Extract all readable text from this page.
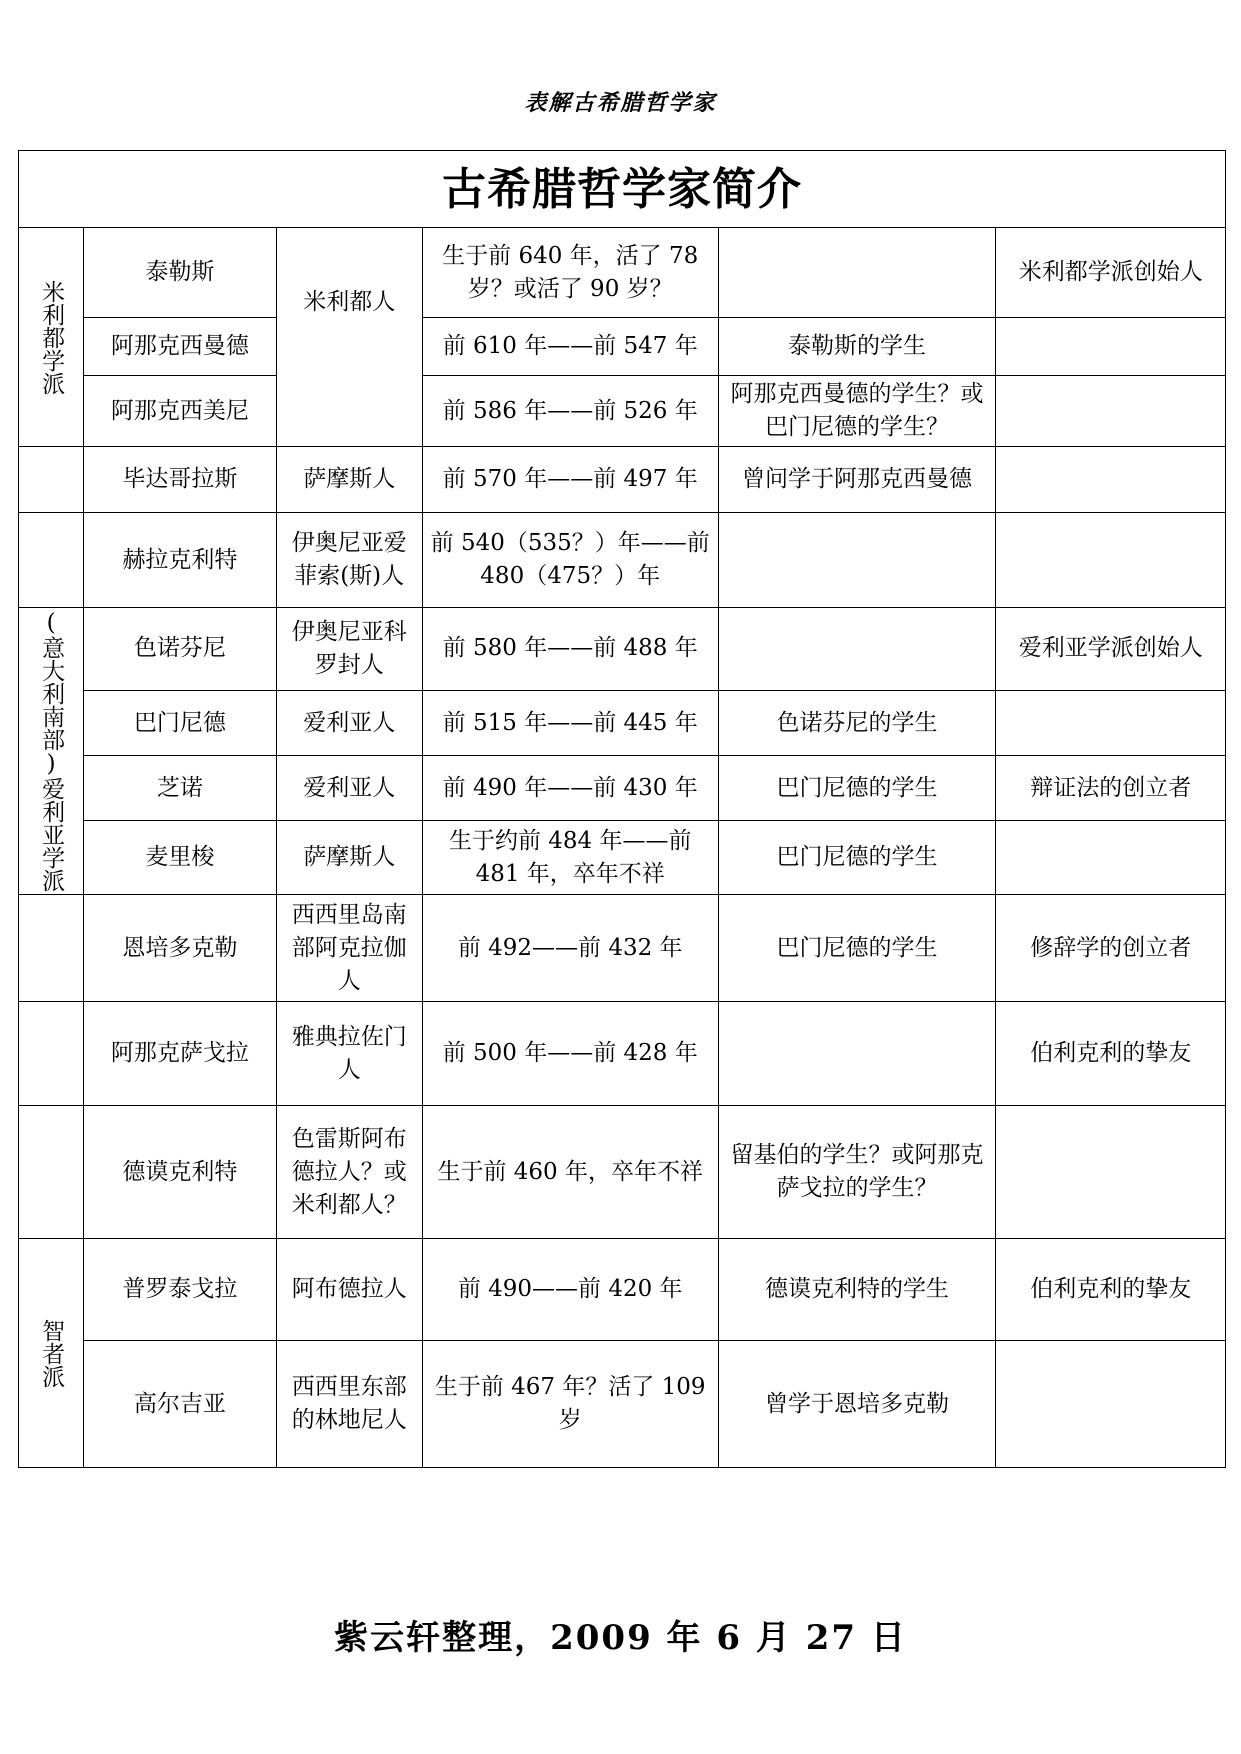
表解古希腊哲学家
古希腊哲学家简介					

米利都学派	泰勒斯	米利都人	生于前 640 年，活了 78 岁？或活了 90 岁？		米利都学派创始人
	阿那克西曼德		前 610 年——前 547 年	泰勒斯的学生	
	阿那克西美尼		前 586 年——前 526 年	阿那克西曼德的学生？或巴门尼德的学生？	
	毕达哥拉斯	萨摩斯人	前 570 年——前 497 年	曾问学于阿那克西曼德	
	赫拉克利特	伊奥尼亚爱菲索(斯)人	前 540（535？）年——前 480（475？）年		

(意大利南部)爱利亚学派	色诺芬尼	伊奥尼亚科罗封人	前 580 年——前 488 年		爱利亚学派创始人
	巴门尼德	爱利亚人	前 515 年——前 445 年	色诺芬尼的学生	
	芝诺	爱利亚人	前 490 年——前 430 年	巴门尼德的学生	辩证法的创立者
	麦里梭	萨摩斯人	生于约前 484 年——前 481 年，卒年不祥	巴门尼德的学生	
	恩培多克勒	西西里岛南部阿克拉伽人	前 492——前 432 年	巴门尼德的学生	修辞学的创立者
	阿那克萨戈拉	雅典拉佐门人	前 500 年——前 428 年		伯利克利的挚友
	德谟克利特	色雷斯阿布德拉人？或米利都人？	生于前 460 年，卒年不祥	留基伯的学生？或阿那克萨戈拉的学生？	

智者派	普罗泰戈拉	阿布德拉人	前 490——前 420 年	德谟克利特的学生	伯利克利的挚友
	高尔吉亚	西西里东部的林地尼人	生于前 467 年？活了 109 岁	曾学于恩培多克勒	
紫云轩整理，2009 年 6 月 27 日
